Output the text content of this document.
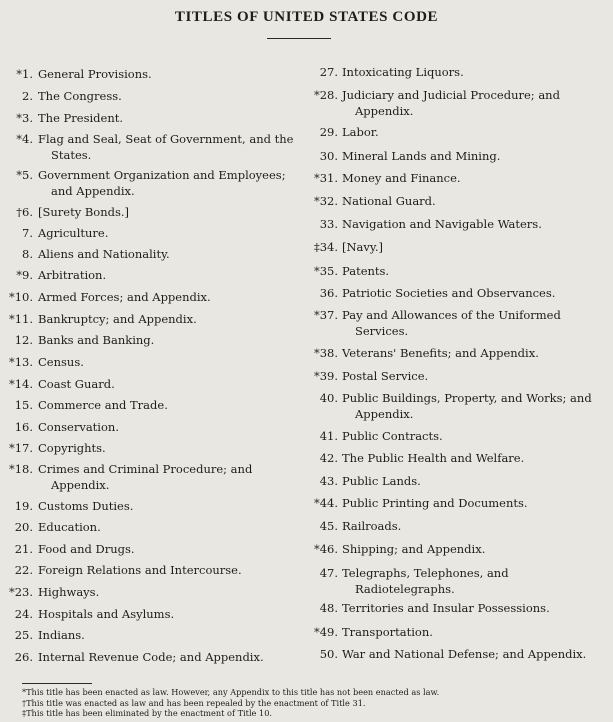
TITLES OF UNITED STATES CODE
*1. General Provisions.
2. The Congress.
*3. The President.
*4. Flag and Seal, Seat of Government, and the
States.
*5. Government Organization and Employees;
and Appendix.
†6. [Surety Bonds.]
7. Agriculture.
8. Aliens and Nationality.
*9. Arbitration.
*10. Armed Forces; and Appendix.
*11. Bankruptcy; and Appendix.
12. Banks and Banking.
*13. Census.
*14. Coast Guard.
15. Commerce and Trade.
16. Conservation.
*17. Copyrights.
*18. Crimes and Criminal Procedure; and
Appendix.
19. Customs Duties.
20. Education.
21. Food and Drugs.
22. Foreign Relations and Intercourse.
*23. Highways.
24. Hospitals and Asylums.
25. Indians.
26. Internal Revenue Code; and Appendix.
27. Intoxicating Liquors.
*28. Judiciary and Judicial Procedure; and
Appendix.
29. Labor.
30. Mineral Lands and Mining.
*31. Money and Finance.
*32. National Guard.
33. Navigation and Navigable Waters.
‡34. [Navy.]
*35. Patents.
36. Patriotic Societies and Observances.
*37. Pay and Allowances of the Uniformed
Services.
*38. Veterans' Benefits; and Appendix.
*39. Postal Service.
40. Public Buildings, Property, and Works; and
Appendix.
41. Public Contracts.
42. The Public Health and Welfare.
43. Public Lands.
*44. Public Printing and Documents.
45. Railroads.
*46. Shipping; and Appendix.
47. Telegraphs, Telephones, and
Radiotelegraphs.
48. Territories and Insular Possessions.
*49. Transportation.
50. War and National Defense; and Appendix.
*This title has been enacted as law. However, any Appendix to this title has not been enacted as law.
†This title was enacted as law and has been repealed by the enactment of Title 31.
‡This title has been eliminated by the enactment of Title 10.
